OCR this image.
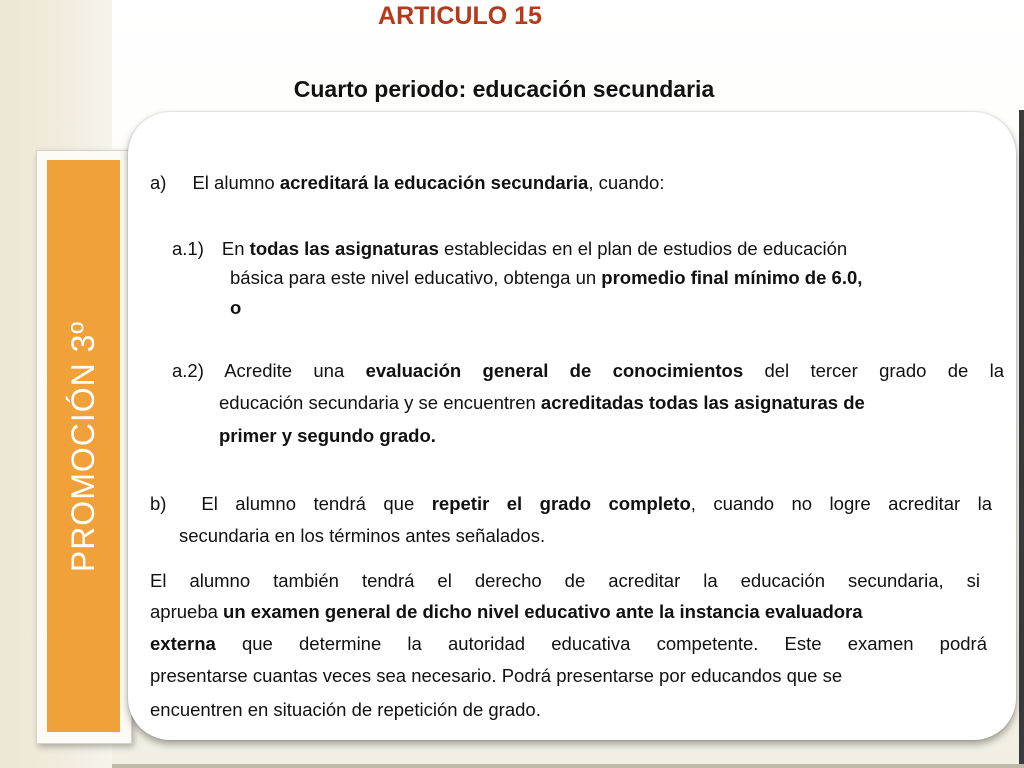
ARTICULO 15
Cuarto periodo: educación secundaria
PROMOCIÓN 3º
a) El alumno acreditará la educación secundaria, cuando:
a.1) En todas las asignaturas establecidas en el plan de estudios de educación
básica para este nivel educativo, obtenga un promedio final mínimo de 6.0,
o
a.2) Acredite una evaluación general de conocimientos del tercer grado de la
educación secundaria y se encuentren acreditadas todas las asignaturas de
primer y segundo grado.
b) El alumno tendrá que repetir el grado completo, cuando no logre acreditar la
secundaria en los términos antes señalados.
El alumno también tendrá el derecho de acreditar la educación secundaria, si
aprueba un examen general de dicho nivel educativo ante la instancia evaluadora
externa que determine la autoridad educativa competente. Este examen podrá
presentarse cuantas veces sea necesario. Podrá presentarse por educandos que se
encuentren en situación de repetición de grado.
